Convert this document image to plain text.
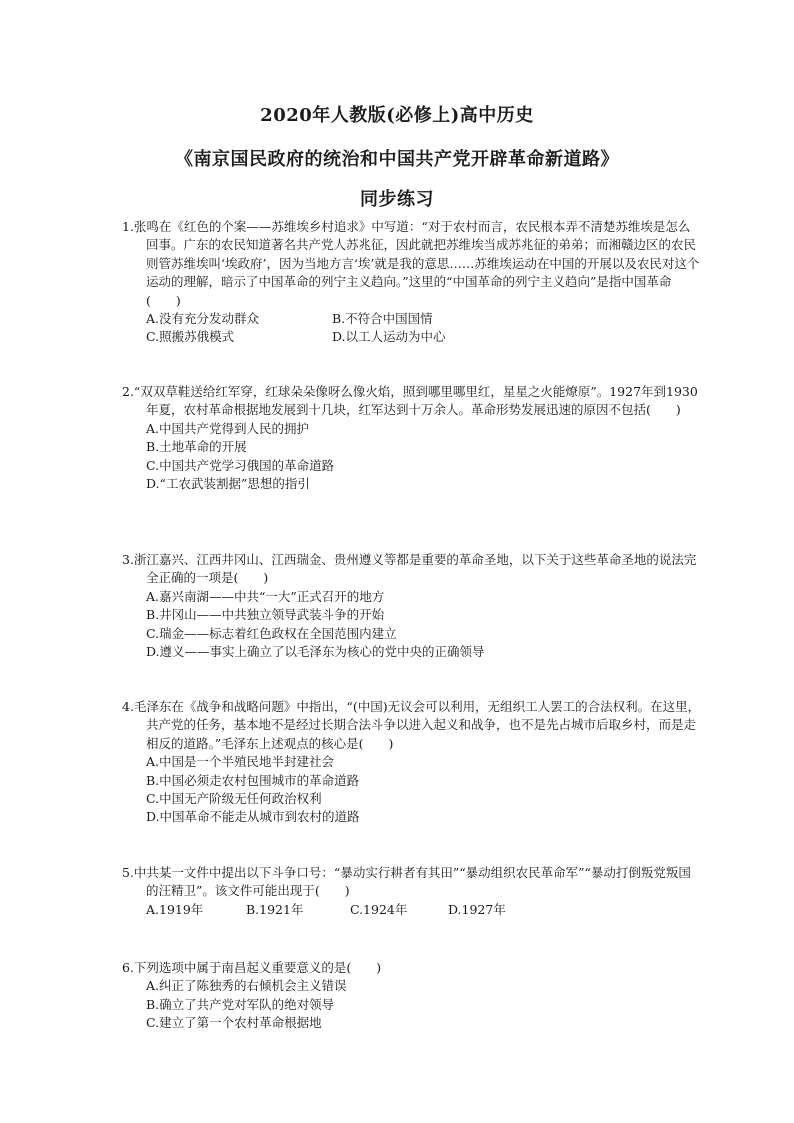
2020年人教版(必修上)高中历史
《南京国民政府的统治和中国共产党开辟革命新道路》
同步练习

1.张鸣在《红色的个案——苏维埃乡村追求》中写道：“对于农村而言，农民根本弄不清楚苏维埃是怎么回事。广东的农民知道著名共产党人苏兆征，因此就把苏维埃当成苏兆征的弟弟；而湘赣边区的农民则管苏维埃叫‘埃政府’，因为当地方言‘埃’就是我的意思……苏维埃运动在中国的开展以及农民对这个运动的理解，暗示了中国革命的列宁主义趋向。”这里的“中国革命的列宁主义趋向”是指中国革命(　　)

A.没有充分发动群众	B.不符合中国国情
C.照搬苏俄模式	D.以工人运动为中心

2.“双双草鞋送给红军穿，红球朵朵像呀么像火焰，照到哪里哪里红，星星之火能燎原”。1927年到1930年夏，农村革命根据地发展到十几块，红军达到十万余人。革命形势发展迅速的原因不包括(　　)

A.中国共产党得到人民的拥护
B.土地革命的开展
C.中国共产党学习俄国的革命道路
D.“工农武装割据”思想的指引

3.浙江嘉兴、江西井冈山、江西瑞金、贵州遵义等都是重要的革命圣地，以下关于这些革命圣地的说法完全正确的一项是(　　)

A.嘉兴南湖——中共“一大”正式召开的地方
B.井冈山——中共独立领导武装斗争的开始
C.瑞金——标志着红色政权在全国范围内建立
D.遵义——事实上确立了以毛泽东为核心的党中央的正确领导

4.毛泽东在《战争和战略问题》中指出，“(中国)无议会可以利用，无组织工人罢工的合法权利。在这里，共产党的任务，基本地不是经过长期合法斗争以进入起义和战争，也不是先占城市后取乡村，而是走相反的道路。”毛泽东上述观点的核心是(　　)

A.中国是一个半殖民地半封建社会
B.中国必须走农村包围城市的革命道路
C.中国无产阶级无任何政治权利
D.中国革命不能走从城市到农村的道路

5.中共某一文件中提出以下斗争口号：“暴动实行耕者有其田”“暴动组织农民革命军”“暴动打倒叛党叛国的汪精卫”。该文件可能出现于(　　)

A.1919年	B.1921年	C.1924年	D.1927年

6.下列选项中属于南昌起义重要意义的是(　　)

A.纠正了陈独秀的右倾机会主义错误
B.确立了共产党对军队的绝对领导
C.建立了第一个农村革命根据地
